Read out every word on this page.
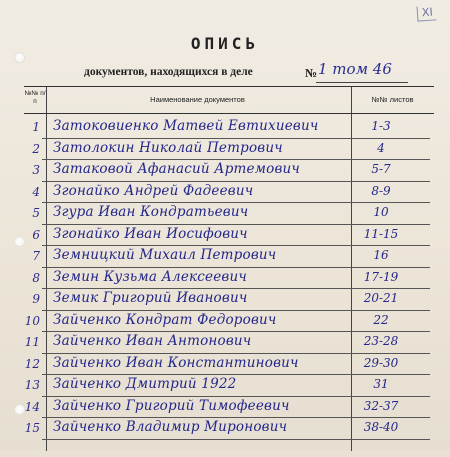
XI
ОПИСЬ
документов, находящихся в деле	№ 1 том 46
№№ п/п	Наименование документов	№№ листов
1 Затоковиенко Матвей Евтихиевич	1-3
2 Затолокин Николай Петрович	4
3 Затаковой Афанасий Артемович	5-7
4 Згонайко Андрей Фадеевич	8-9
5 Згура Иван Кондратьевич	10
6 Згонайко Иван Иосифович	11-15
7 Земницкий Михаил Петрович	16
8 Земин Кузьма Алексеевич	17-19
9 Земик Григорий Иванович	20-21
10 Зайченко Кондрат Федорович	22
11 Зайченко Иван Антонович	23-28
12 Зайченко Иван Константинович	29-30
13 Зайченко Дмитрий 1922	31
14 Зайченко Григорий Тимофеевич	32-37
15 Зайченко Владимир Миронович	38-40
